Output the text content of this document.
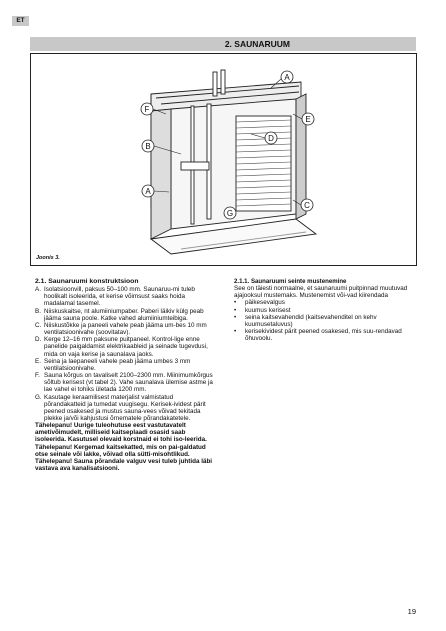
ET
2. SAUNARUUM
A
F
E
B
D
A
C
G
Joonis 3.
2.1. Saunaruumi konstruktsioon
A. Isolatsioonvill, paksus 50–100 mm. Saunaruu-mi tuleb hoolikalt isoleerida, et kerise võimsust saaks hoida madalamal tasemel.
B. Niiskuskaitse, nt alumiiniumpaber. Paberi läikiv külg peab jääma sauna poole. Katke vahed alumiiniumteibiga.
C. Niiskustõkke ja paneeli vahele peab jääma um-bes 10 mm ventilatsioonivahe (soovitatav).
D. Kerge 12–16 mm paksune puitpaneel. Kontrol-lige enne panelide paigaldamist elektrikaableid ja seinade tugevdusi, mida on vaja kerise ja saunalava jaoks.
E. Seina ja laepaneeli vahele peab jääma umbes 3 mm ventilatsioonivahe.
F. Sauna kõrgus on tavaliselt 2100–2300 mm. Miinimumkõrgus sõltub kerisest (vt tabel 2). Vahe saunalava ülemise astme ja lae vahel ei tohiks ületada 1200 mm.
G. Kasutage keraamilisest materjalist valmistatud põrandakatteid ja tumedat vuugisegu. Kerisek-ividest pärit peened osakesed ja mustus sauna-vees võivad tekitada plekke ja/või kahjustusi õrnematele põrandakatetele.
Tähelepanu! Uurige tuleohutuse eest vastutavatelt ametivõimudelt, milliseid kaitseplaadi osasid saab isoleerida. Kasutusel olevaid korstnaid ei tohi iso-leerida.
Tähelepanu! Kergemad kaitsekatted, mis on pai-galdatud otse seinale või lakke, võivad olla sütti-misohtlikud.
Tähelepanu! Sauna põrandale valguv vesi tuleb juhtida läbi vastava ava kanalisatsiooni.
2.1.1. Saunaruumi seinte mustenemine
See on täiesti normaalne, et saunaruumi puitpinnad muutuvad ajajooksul mustemaks. Mustenemist või-vad kiirendada
•	päikesevalgus
•	kuumus kerisest
•	seina kaitsevahendid (kaitsevahenditel on kehv kuumusetaluvus)
•	kerisekividest pärit peened osakesed, mis suu-rendavad õhuvoolu.
19
